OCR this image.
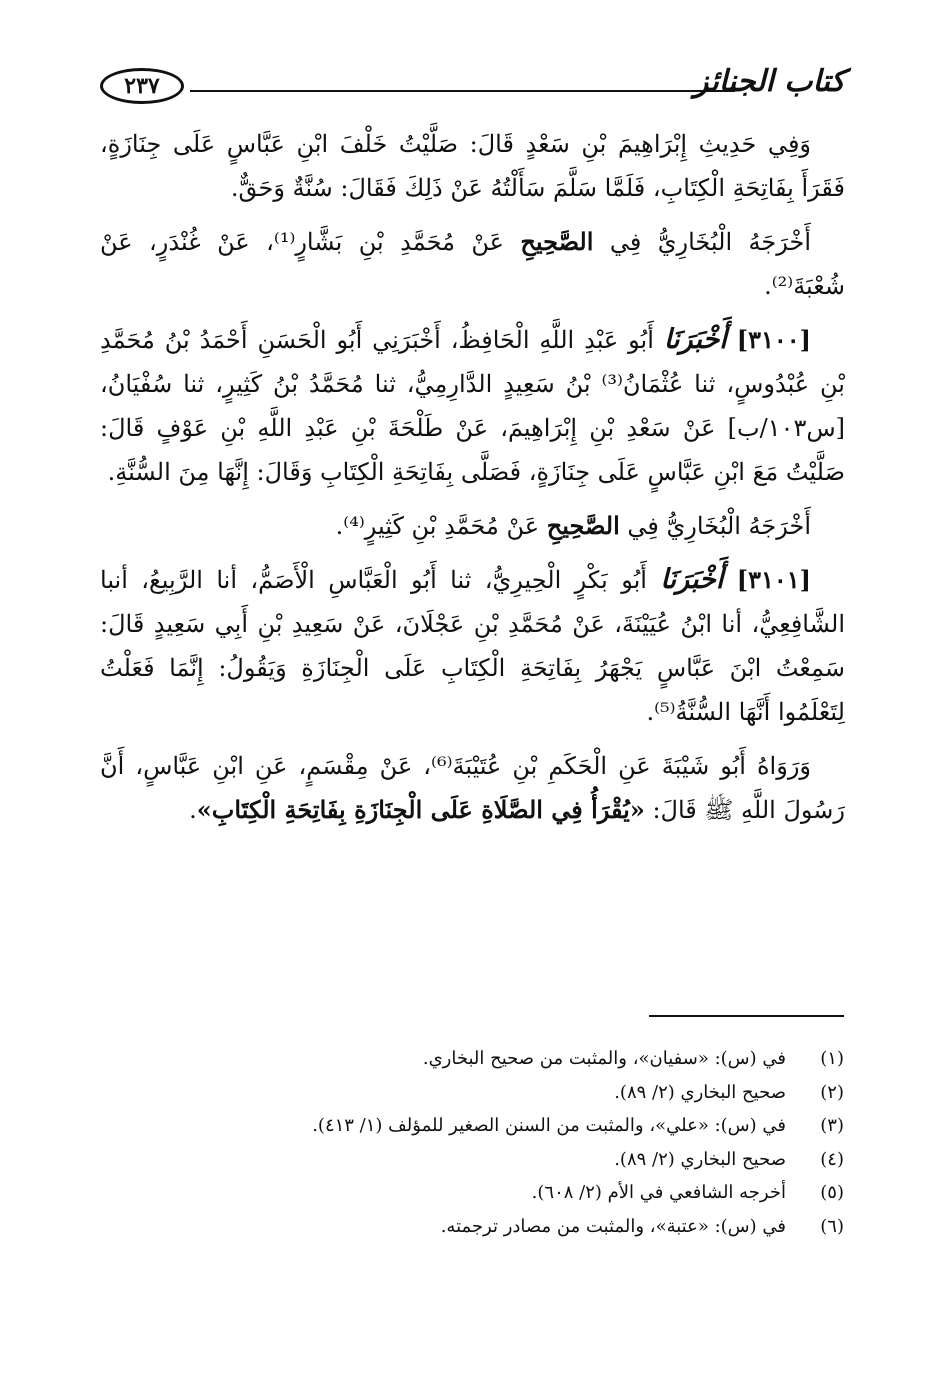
٢٣٧	كتاب الجنائز

وَفِي حَدِيثِ إِبْرَاهِيمَ بْنِ سَعْدٍ قَالَ: صَلَّيْتُ خَلْفَ ابْنِ عَبَّاسٍ عَلَى جِنَازَةٍ، فَقَرَأَ بِفَاتِحَةِ الْكِتَابِ، فَلَمَّا سَلَّمَ سَأَلْتُهُ عَنْ ذَلِكَ فَقَالَ: سُنَّةٌ وَحَقٌّ.

أَخْرَجَهُ الْبُخَارِيُّ فِي الصَّحِيحِ عَنْ مُحَمَّدِ بْنِ بَشَّارٍ⁽¹⁾، عَنْ غُنْدَرٍ، عَنْ شُعْبَةَ⁽²⁾.

[٣١٠٠] أَخْبَرَنَا أَبُو عَبْدِ اللَّهِ الْحَافِظُ، أَخْبَرَنِي أَبُو الْحَسَنِ أَحْمَدُ بْنُ مُحَمَّدِ بْنِ عُبْدُوسٍ، ثنا عُثْمَانُ⁽³⁾ بْنُ سَعِيدٍ الدَّارِمِيُّ، ثنا مُحَمَّدُ بْنُ كَثِيرٍ، ثنا سُفْيَانُ، [س١٠٣/ب] عَنْ سَعْدِ بْنِ إِبْرَاهِيمَ، عَنْ طَلْحَةَ بْنِ عَبْدِ اللَّهِ بْنِ عَوْفٍ قَالَ: صَلَّيْتُ مَعَ ابْنِ عَبَّاسٍ عَلَى جِنَازَةٍ، فَصَلَّى بِفَاتِحَةِ الْكِتَابِ وَقَالَ: إِنَّهَا مِنَ السُّنَّةِ.

أَخْرَجَهُ الْبُخَارِيُّ فِي الصَّحِيحِ عَنْ مُحَمَّدِ بْنِ كَثِيرٍ⁽⁴⁾.

[٣١٠١] أَخْبَرَنَا أَبُو بَكْرٍ الْحِيرِيُّ، ثنا أَبُو الْعَبَّاسِ الْأَصَمُّ، أنا الرَّبِيعُ، أنبا الشَّافِعِيُّ، أنا ابْنُ عُيَيْنَةَ، عَنْ مُحَمَّدِ بْنِ عَجْلَانَ، عَنْ سَعِيدِ بْنِ أَبِي سَعِيدٍ قَالَ: سَمِعْتُ ابْنَ عَبَّاسٍ يَجْهَرُ بِفَاتِحَةِ الْكِتَابِ عَلَى الْجِنَازَةِ وَيَقُولُ: إِنَّمَا فَعَلْتُ لِتَعْلَمُوا أَنَّهَا السُّنَّةُ⁽⁵⁾.

وَرَوَاهُ أَبُو شَيْبَةَ عَنِ الْحَكَمِ بْنِ عُتَيْبَةَ⁽⁶⁾، عَنْ مِقْسَمٍ، عَنِ ابْنِ عَبَّاسٍ، أَنَّ رَسُولَ اللَّهِ ﷺ قَالَ: «يُقْرَأُ فِي الصَّلَاةِ عَلَى الْجِنَازَةِ بِفَاتِحَةِ الْكِتَابِ».

(١)في (س): «سفيان»، والمثبت من صحيح البخاري.
(٢)صحيح البخاري (٢/ ٨٩).
(٣)في (س): «علي»، والمثبت من السنن الصغير للمؤلف (١/ ٤١٣).
(٤)صحيح البخاري (٢/ ٨٩).
(٥)أخرجه الشافعي في الأم (٢/ ٦٠٨).
(٦)في (س): «عتبة»، والمثبت من مصادر ترجمته.
